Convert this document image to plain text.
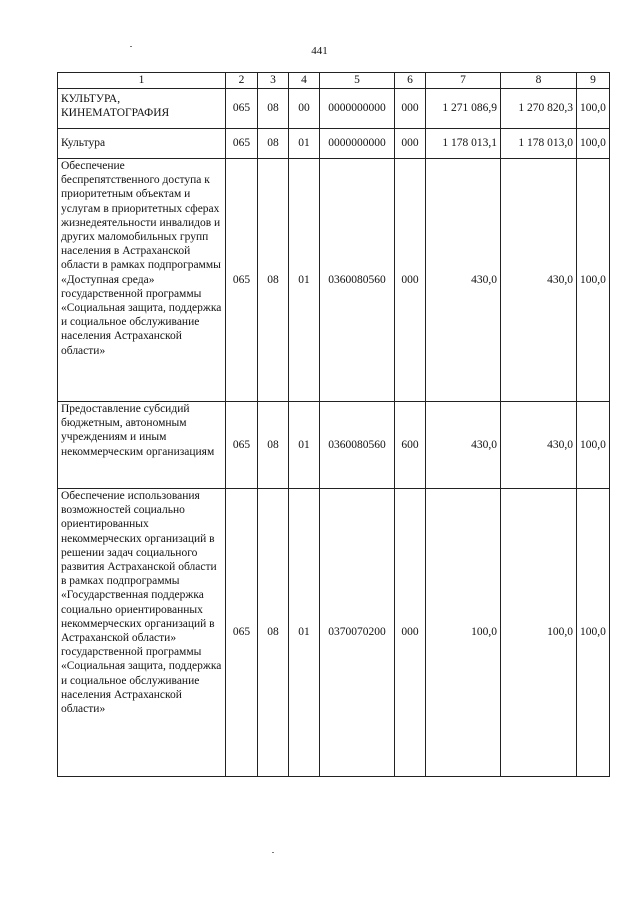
441
1	2	3	4	5	6	7	8	9
КУЛЬТУРА, КИНЕМАТОГРАФИЯ	065	08	00	0000000000	000	1 271 086,9	1 270 820,3	100,0
Культура	065	08	01	0000000000	000	1 178 013,1	1 178 013,0	100,0
Обеспечение беспрепятственного доступа к приоритетным объектам и услугам в приоритетных сферах жизнедеятельности инвалидов и других маломобильных групп населения в Астраханской области в рамках подпрограммы «Доступная среда» государственной программы «Социальная защита, поддержка и социальное обслуживание населения Астраханской области»	065	08	01	0360080560	000	430,0	430,0	100,0
Предоставление субсидий бюджетным, автономным учреждениям и иным некоммерческим организациям	065	08	01	0360080560	600	430,0	430,0	100,0
Обеспечение использования возможностей социально ориентированных некоммерческих организаций в решении задач социального развития Астраханской области в рамках подпрограммы «Государственная поддержка социально ориентированных некоммерческих организаций в Астраханской области» государственной программы «Социальная защита, поддержка и социальное обслуживание населения Астраханской области»	065	08	01	0370070200	000	100,0	100,0	100,0
